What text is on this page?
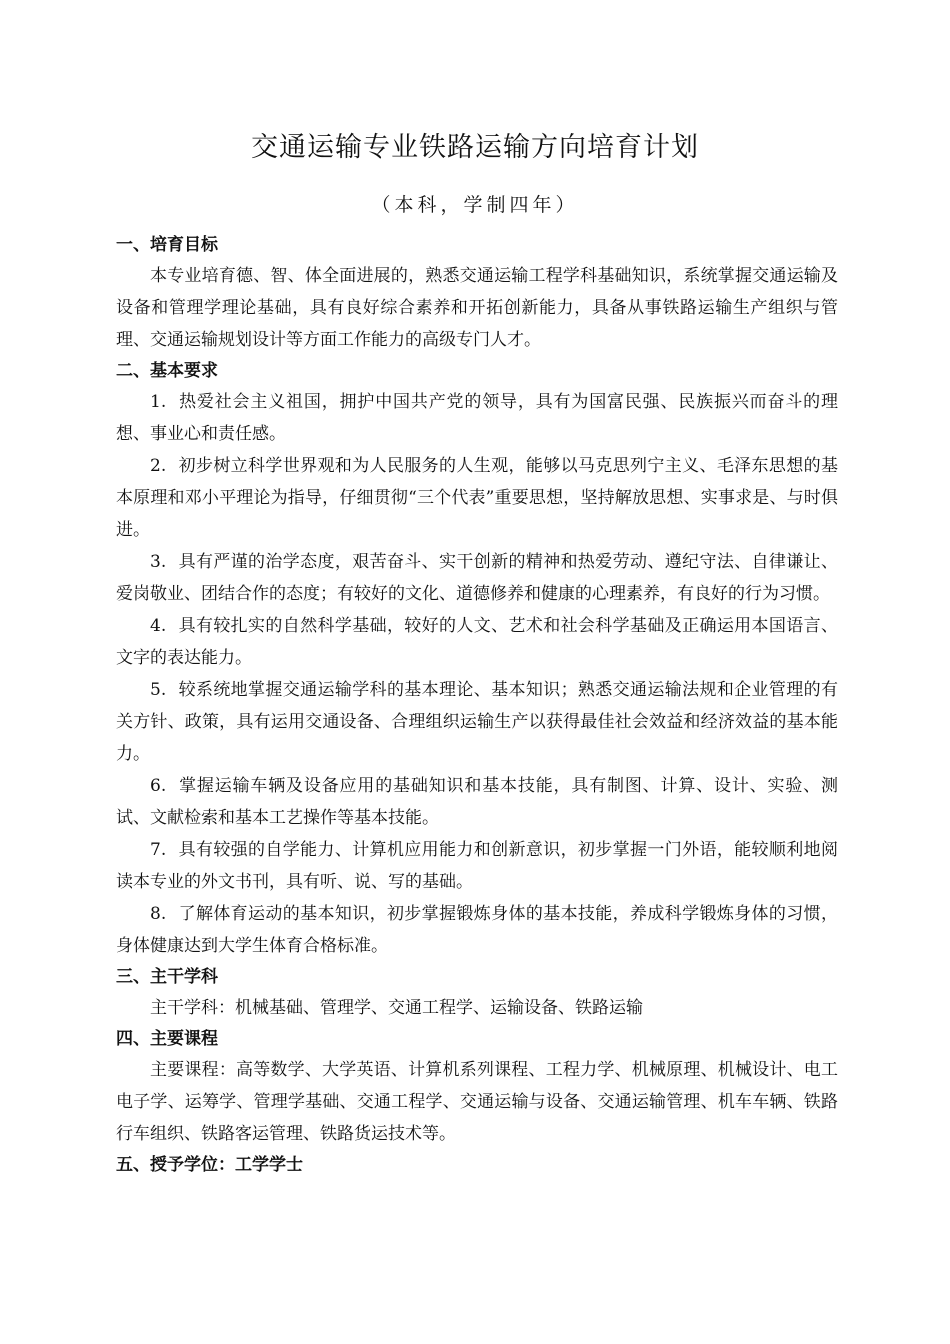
交通运输专业铁路运输方向培育计划
（本科，学制四年）
一、培育目标

本专业培育德、智、体全面进展的，熟悉交通运输工程学科基础知识，系统掌握交通运输及设备和管理学理论基础，具有良好综合素养和开拓创新能力，具备从事铁路运输生产组织与管理、交通运输规划设计等方面工作能力的高级专门人才。

二、基本要求

1. 热爱社会主义祖国，拥护中国共产党的领导，具有为国富民强、民族振兴而奋斗的理想、事业心和责任感。

2. 初步树立科学世界观和为人民服务的人生观，能够以马克思列宁主义、毛泽东思想的基本原理和邓小平理论为指导，仔细贯彻“三个代表”重要思想，坚持解放思想、实事求是、与时俱进。

3. 具有严谨的治学态度，艰苦奋斗、实干创新的精神和热爱劳动、遵纪守法、自律谦让、爱岗敬业、团结合作的态度；有较好的文化、道德修养和健康的心理素养，有良好的行为习惯。

4. 具有较扎实的自然科学基础，较好的人文、艺术和社会科学基础及正确运用本国语言、文字的表达能力。

5. 较系统地掌握交通运输学科的基本理论、基本知识；熟悉交通运输法规和企业管理的有关方针、政策，具有运用交通设备、合理组织运输生产以获得最佳社会效益和经济效益的基本能力。

6. 掌握运输车辆及设备应用的基础知识和基本技能，具有制图、计算、设计、实验、测试、文献检索和基本工艺操作等基本技能。

7. 具有较强的自学能力、计算机应用能力和创新意识，初步掌握一门外语，能较顺利地阅读本专业的外文书刊，具有听、说、写的基础。

8. 了解体育运动的基本知识，初步掌握锻炼身体的基本技能，养成科学锻炼身体的习惯，身体健康达到大学生体育合格标准。

三、主干学科

主干学科：机械基础、管理学、交通工程学、运输设备、铁路运输

四、主要课程

主要课程：高等数学、大学英语、计算机系列课程、工程力学、机械原理、机械设计、电工电子学、运筹学、管理学基础、交通工程学、交通运输与设备、交通运输管理、机车车辆、铁路行车组织、铁路客运管理、铁路货运技术等。

五、授予学位：工学学士
